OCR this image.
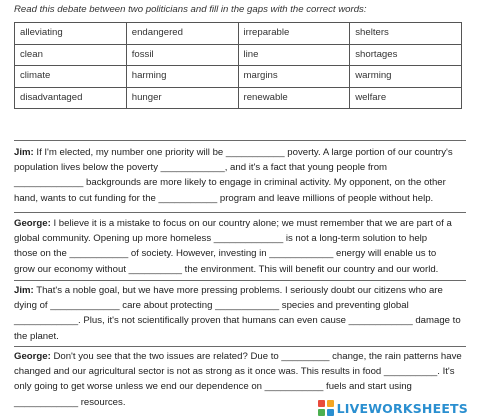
Read this debate between two politicians and fill in the gaps with the correct words:
alleviating	endangered	irreparable	shelters
clean	fossil	line	shortages
climate	harming	margins	warming
disadvantaged	hunger	renewable	welfare
Jim: If I'm elected, my number one priority will be ___________ poverty. A large portion of our country's
population lives below the poverty ____________, and it's a fact that young people from
_____________ backgrounds are more likely to engage in criminal activity. My opponent, on the other
hand, wants to cut funding for the ___________ program and leave millions of people without help.
George: I believe it is a mistake to focus on our country alone; we must remember that we are part of a
global community. Opening up more homeless _____________ is not a long-term solution to help
those on the ___________ of society. However, investing in ____________ energy will enable us to
grow our economy without __________ the environment. This will benefit our country and our world.
Jim: That's a noble goal, but we have more pressing problems. I seriously doubt our citizens who are
dying of _____________ care about protecting ____________ species and preventing global
____________. Plus, it's not scientifically proven that humans can even cause ____________ damage to
the planet.
George: Don't you see that the two issues are related? Due to _________ change, the rain patterns have
changed and our agricultural sector is not as strong as it once was. This results in food __________. It's
only going to get worse unless we end our dependence on ___________ fuels and start using
____________ resources.	LIVEWORKSHEETS
